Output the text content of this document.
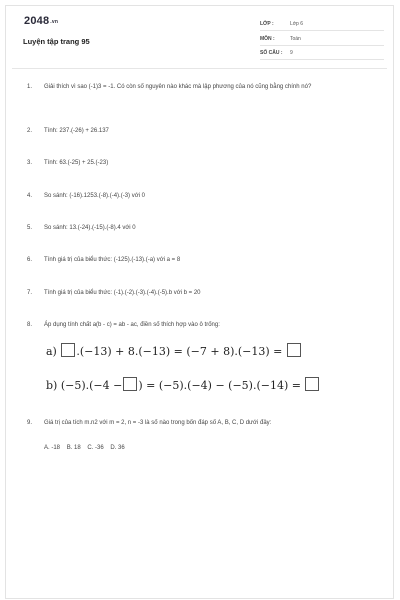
2048.vn
Luyện tập trang 95
LỚP :	Lớp 6
MÔN :	Toán
SỐ CÂU : 9
1. Giải thích vì sao (-1)3 = -1. Có còn số nguyên nào khác mà lập phương của nó cũng bằng chính nó?
2. Tính: 237.(-26) + 26.137
3. Tính: 63.(-25) + 25.(-23)
4. So sánh: (-16).1253.(-8).(-4).(-3) với 0
5. So sánh: 13.(-24).(-15).(-8).4 với 0
6. Tính giá trị của biểu thức: (-125).(-13).(-a) với a = 8
7. Tính giá trị của biểu thức: (-1).(-2).(-3).(-4).(-5).b với b = 20
8. Áp dụng tính chất a(b - c) = ab - ac, điền số thích hợp vào ô trống:
a) .(−13) + 8.(−13) = (−7 + 8).(−13) =
b) (−5).(−4 − ) = (−5).(−4) − (−5).(−14) =
9. Giá trị của tích m.n2 với m = 2, n = -3 là số nào trong bốn đáp số A, B, C, D dưới đây:
A. -18 B. 18 C. -36 D. 36
